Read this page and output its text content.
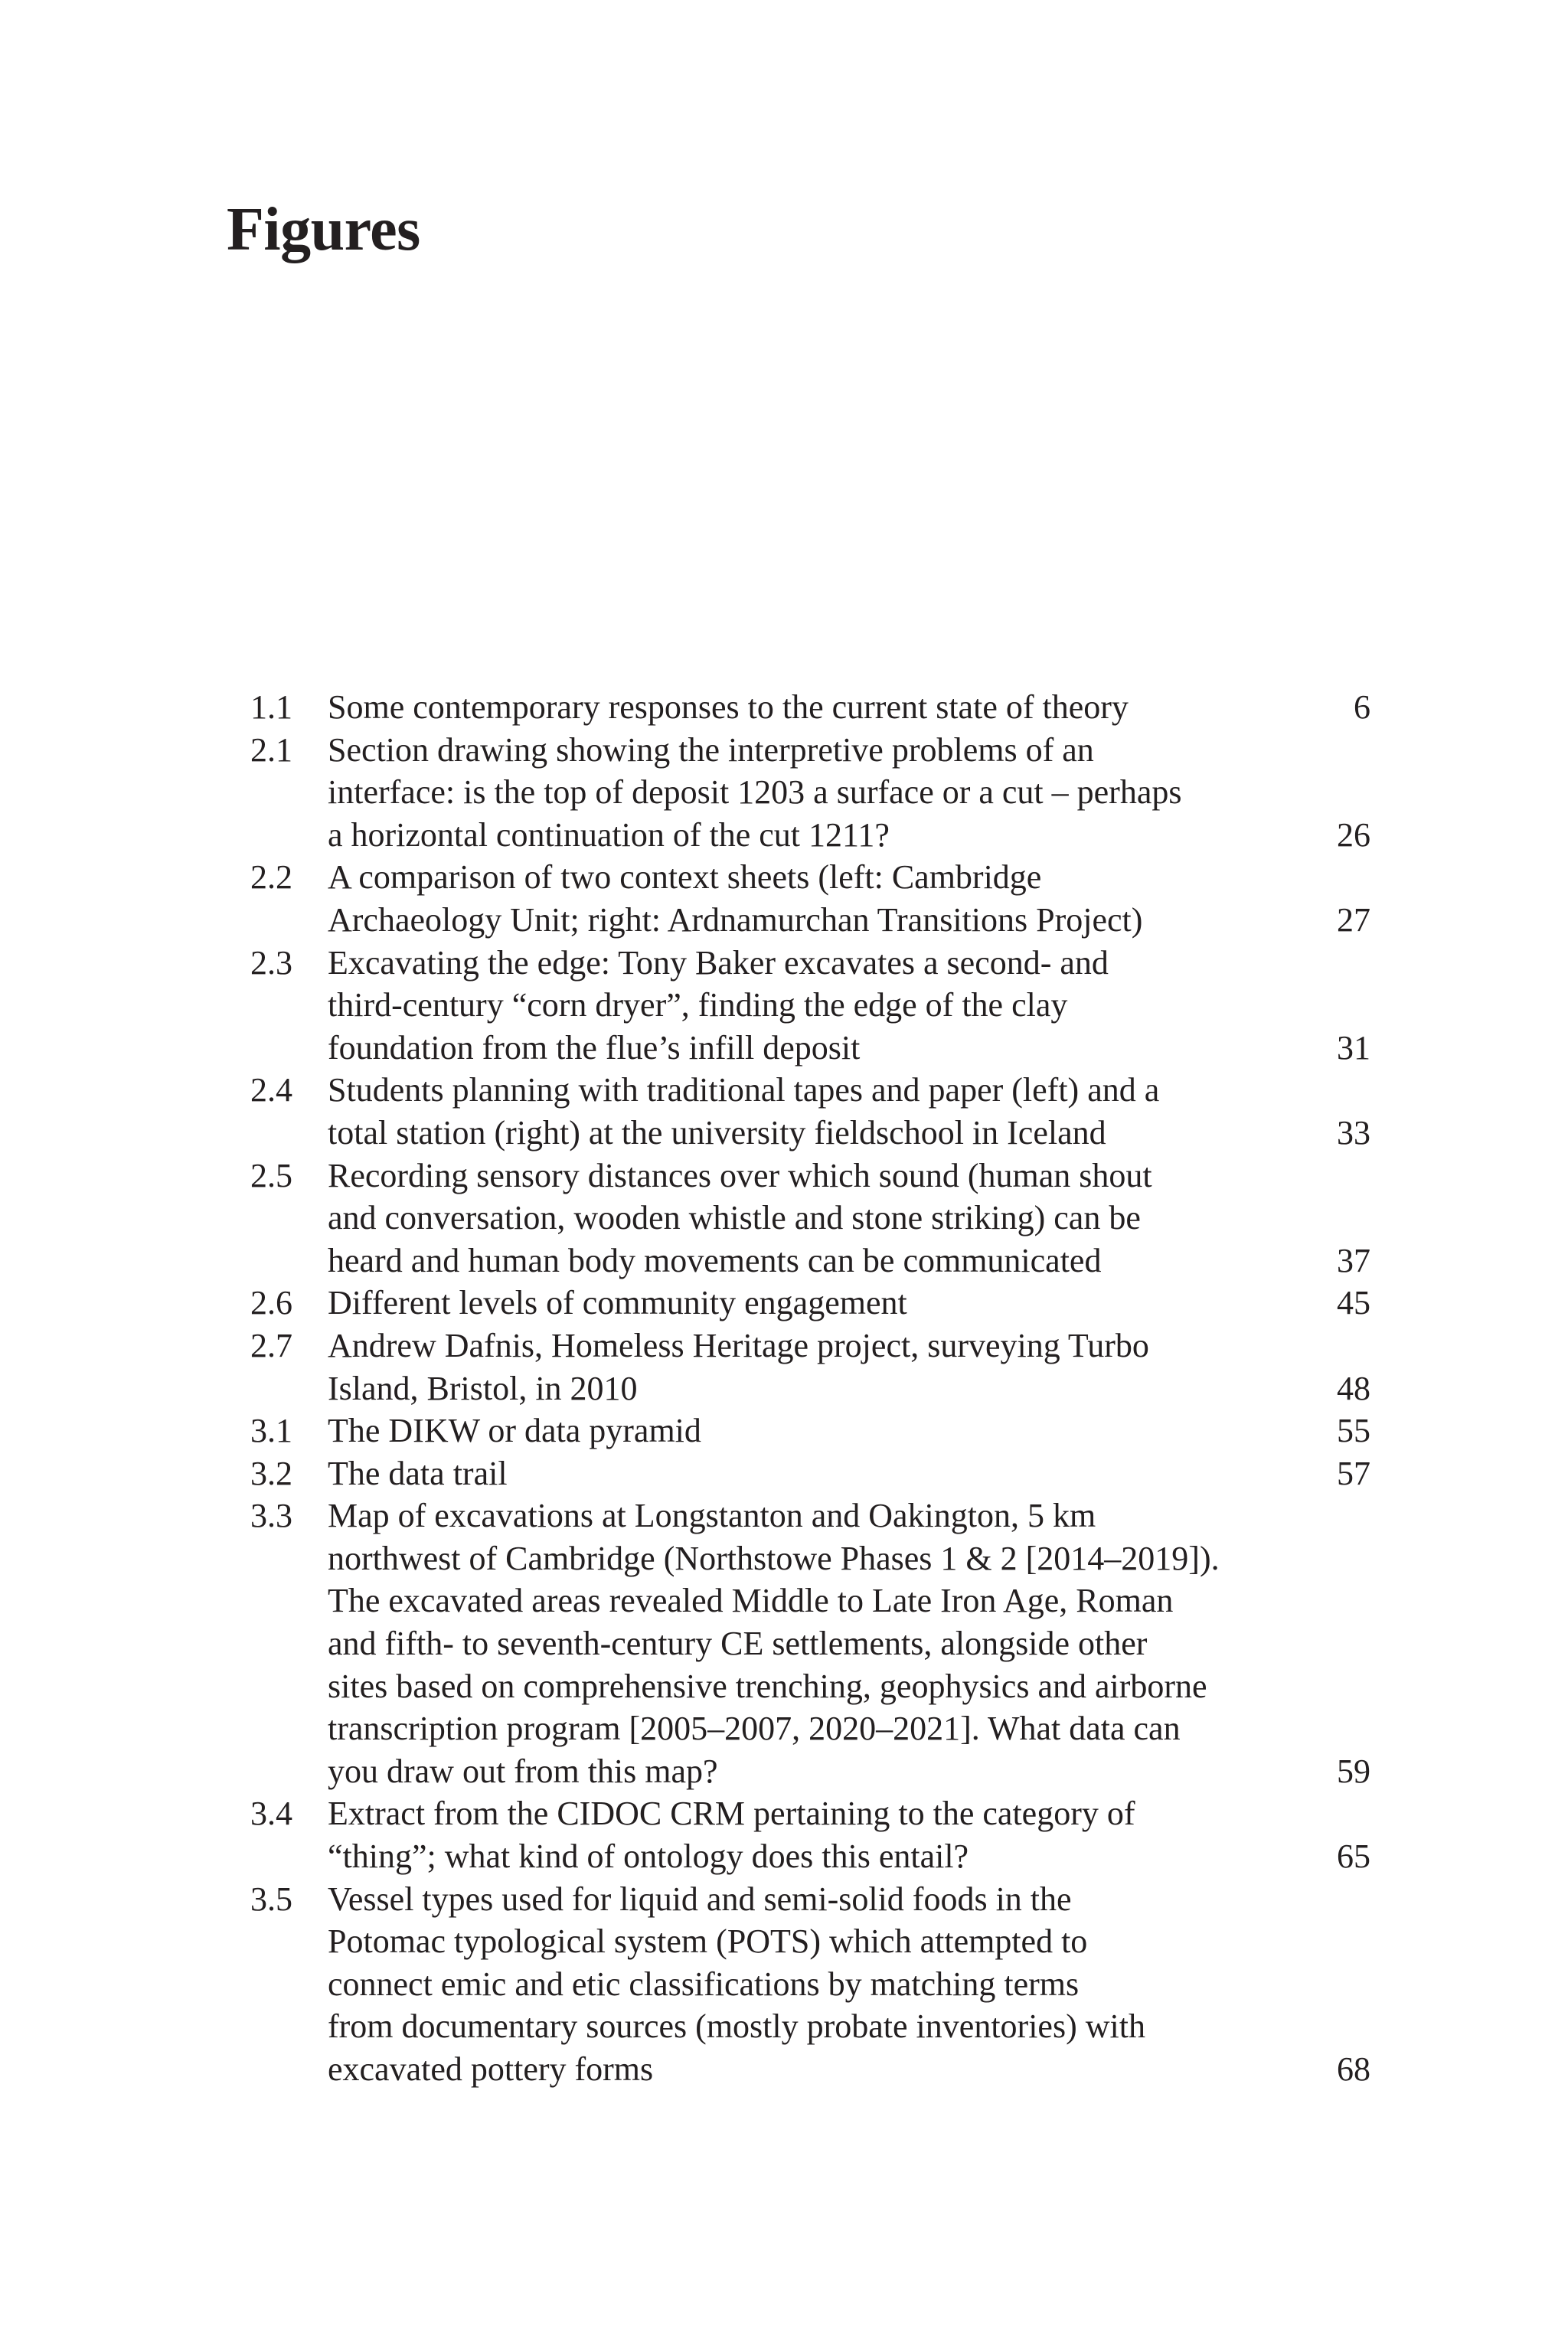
Figures
1.1 Some contemporary responses to the current state of theory	6
2.1 Section drawing showing the interpretive problems of an
interface: is the top of deposit 1203 a surface or a cut – perhaps
a horizontal continuation of the cut 1211?	26
2.2 A comparison of two context sheets (left: Cambridge
Archaeology Unit; right: Ardnamurchan Transitions Project)	27
2.3 Excavating the edge: Tony Baker excavates a second- and
third-century “corn dryer”, finding the edge of the clay
foundation from the flue’s infill deposit	31
2.4 Students planning with traditional tapes and paper (left) and a
total station (right) at the university fieldschool in Iceland	33
2.5 Recording sensory distances over which sound (human shout
and conversation, wooden whistle and stone striking) can be
heard and human body movements can be communicated	37
2.6 Different levels of community engagement	45
2.7 Andrew Dafnis, Homeless Heritage project, surveying Turbo
Island, Bristol, in 2010	48
3.1 The DIKW or data pyramid	55
3.2 The data trail	57
3.3 Map of excavations at Longstanton and Oakington, 5 km
northwest of Cambridge (Northstowe Phases 1 & 2 [2014–2019]).
The excavated areas revealed Middle to Late Iron Age, Roman
and fifth- to seventh-century CE settlements, alongside other
sites based on comprehensive trenching, geophysics and airborne
transcription program [2005–2007, 2020–2021]. What data can
you draw out from this map?	59
3.4 Extract from the CIDOC CRM pertaining to the category of
“thing”; what kind of ontology does this entail?	65
3.5 Vessel types used for liquid and semi-solid foods in the
Potomac typological system (POTS) which attempted to
connect emic and etic classifications by matching terms
from documentary sources (mostly probate inventories) with
excavated pottery forms	68
